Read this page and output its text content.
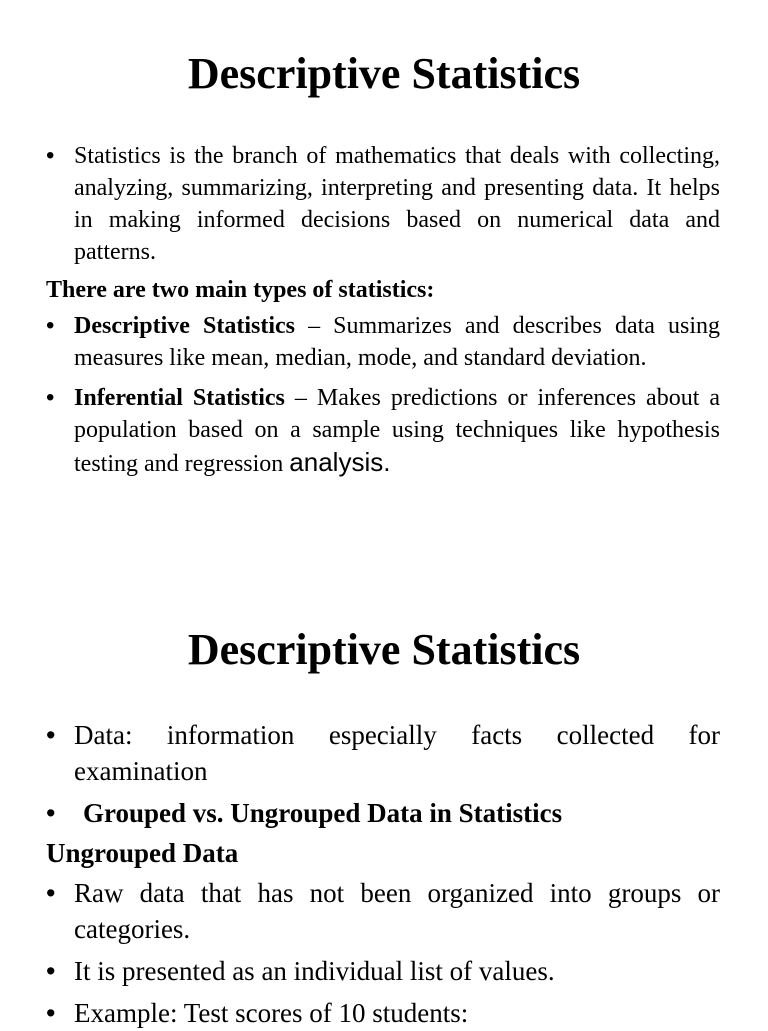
Descriptive Statistics
• Statistics is the branch of mathematics that deals with collecting, analyzing, summarizing, interpreting and presenting data. It helps in making informed decisions based on numerical data and patterns.
There are two main types of statistics:
• Descriptive Statistics – Summarizes and describes data using measures like mean, median, mode, and standard deviation.
• Inferential Statistics – Makes predictions or inferences about a population based on a sample using techniques like hypothesis testing and regression analysis.
Descriptive Statistics
• Data: information especially facts collected for examination
• Grouped vs. Ungrouped Data in Statistics
Ungrouped Data
• Raw data that has not been organized into groups or categories.
• It is presented as an individual list of values.
• Example: Test scores of 10 students:
